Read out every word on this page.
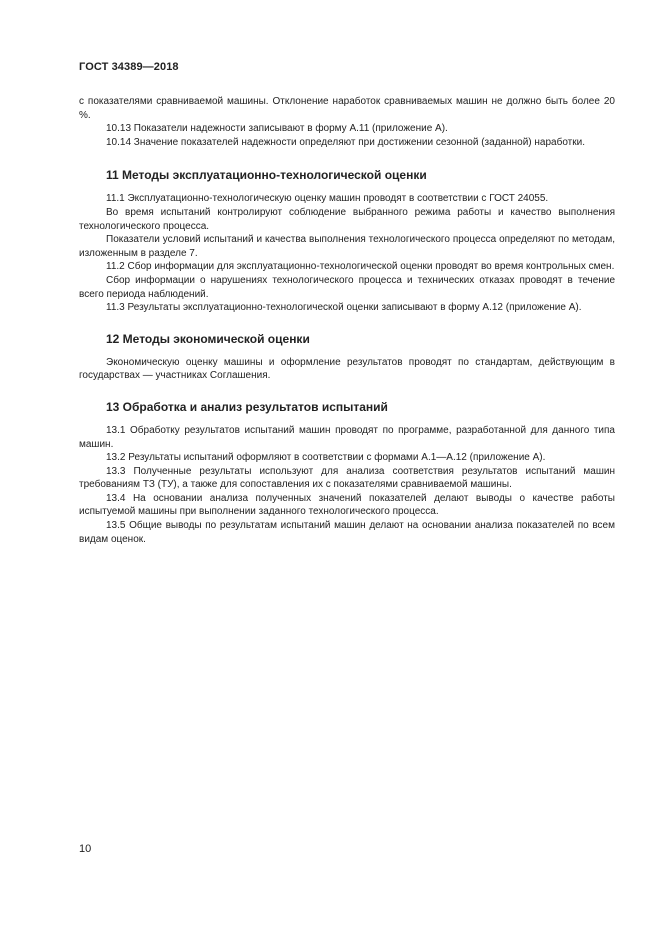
ГОСТ 34389—2018

с показателями сравниваемой машины. Отклонение наработок сравниваемых машин не должно быть более 20 %.

10.13 Показатели надежности записывают в форму А.11 (приложение А).

10.14 Значение показателей надежности определяют при достижении сезонной (заданной) наработки.

11 Методы эксплуатационно-технологической оценки

11.1 Эксплуатационно-технологическую оценку машин проводят в соответствии с ГОСТ 24055.

Во время испытаний контролируют соблюдение выбранного режима работы и качество выполнения технологического процесса.

Показатели условий испытаний и качества выполнения технологического процесса определяют по методам, изложенным в разделе 7.

11.2 Сбор информации для эксплуатационно-технологической оценки проводят во время контрольных смен.

Сбор информации о нарушениях технологического процесса и технических отказах проводят в течение всего периода наблюдений.

11.3 Результаты эксплуатационно-технологической оценки записывают в форму А.12 (приложение А).

12 Методы экономической оценки

Экономическую оценку машины и оформление результатов проводят по стандартам, действующим в государствах — участниках Соглашения.

13 Обработка и анализ результатов испытаний

13.1 Обработку результатов испытаний машин проводят по программе, разработанной для данного типа машин.

13.2 Результаты испытаний оформляют в соответствии с формами А.1—А.12 (приложение А).

13.3 Полученные результаты используют для анализа соответствия результатов испытаний машин требованиям ТЗ (ТУ), а также для сопоставления их с показателями сравниваемой машины.

13.4 На основании анализа полученных значений показателей делают выводы о качестве работы испытуемой машины при выполнении заданного технологического процесса.

13.5 Общие выводы по результатам испытаний машин делают на основании анализа показателей по всем видам оценок.

10
